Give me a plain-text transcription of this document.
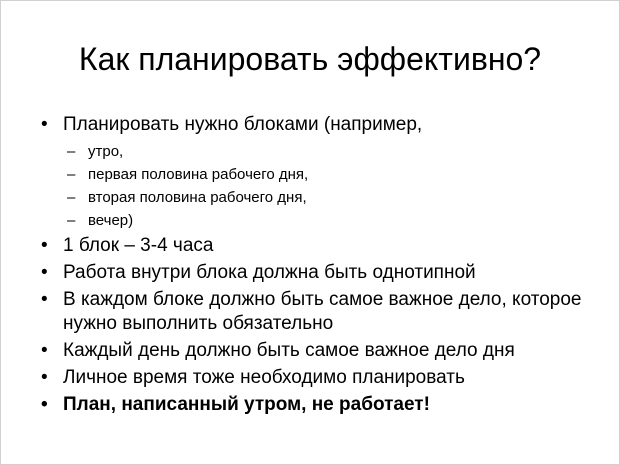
Как планировать эффективно?
• Планировать нужно блоками (например,
– утро,
– первая половина рабочего дня,
– вторая половина рабочего дня,
– вечер)
• 1 блок – 3-4 часа
• Работа внутри блока должна быть однотипной
• В каждом блоке должно быть самое важное дело, которое нужно выполнить обязательно
• Каждый день должно быть самое важное дело дня
• Личное время тоже необходимо планировать
• План, написанный утром, не работает!
